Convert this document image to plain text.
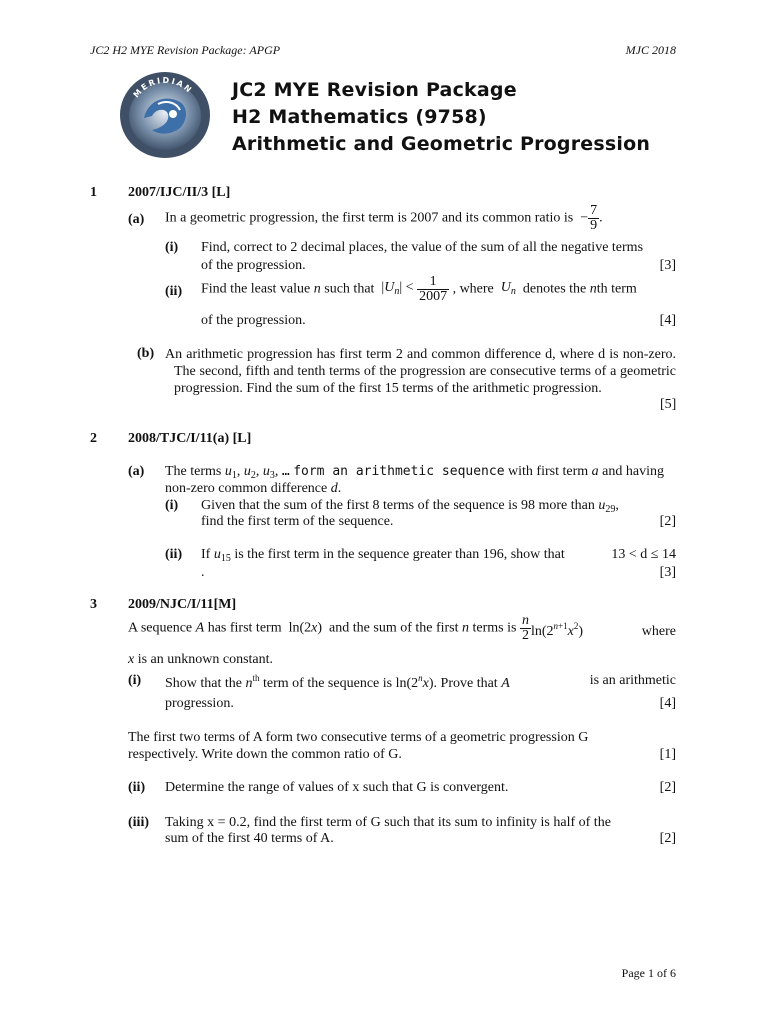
JC2 H2 MYE Revision Package: APGP	MJC 2018
MERIDIAN JC2 MYE Revision Package
H2 Mathematics (9758)
Arithmetic and Geometric Progression
1 2007/IJC/II/3 [L]
(a) In a geometric progression, the first term is 2007 and its common ratio is  − $\frac{7}{9}$ .
(i) Find, correct to 2 decimal places, the value of the sum of all the negative terms
of the progression.	[3]
(ii) Find the least value n such that  $|U_n| < \frac{1}{2007}$ , where $U_n$ denotes the nth term
of the progression.	[4]
(b) An arithmetic progression has first term 2 and common difference d, where d is non-zero. The second, fifth and tenth terms of the progression are consecutive terms of a geometric progression. Find the sum of the first 15 terms of the arithmetic progression.
[5]
2 2008/TJC/I/11(a) [L]
(a) The terms $u_1$, $u_2$, $u_3$, … form an arithmetic sequence with first term a and having
non-zero common difference d.
(i) Given that the sum of the first 8 terms of the sequence is 98 more than $u_{29}$,
find the first term of the sequence.	[2]
(ii) If $u_{15}$ is the first term in the sequence greater than 196, show that	13 < d ≤ 14
.	[3]
3 2009/NJC/I/11[M]
A sequence A has first term  ln(2x)  and the sum of the first n terms is $\frac{n}{2} \ln(2^{n+1}x^2)$	where
x is an unknown constant.
(i) Show that the $n^{th}$ term of the sequence is ln(2$^n$x). Prove that A	is an arithmetic
progression.	[4]
The first two terms of A form two consecutive terms of a geometric progression G
respectively. Write down the common ratio of G.	[1]
(ii) Determine the range of values of x such that G is convergent.	[2]
(iii) Taking x = 0.2, find the first term of G such that its sum to infinity is half of the
sum of the first 40 terms of A.	[2]
Page 1 of 6
